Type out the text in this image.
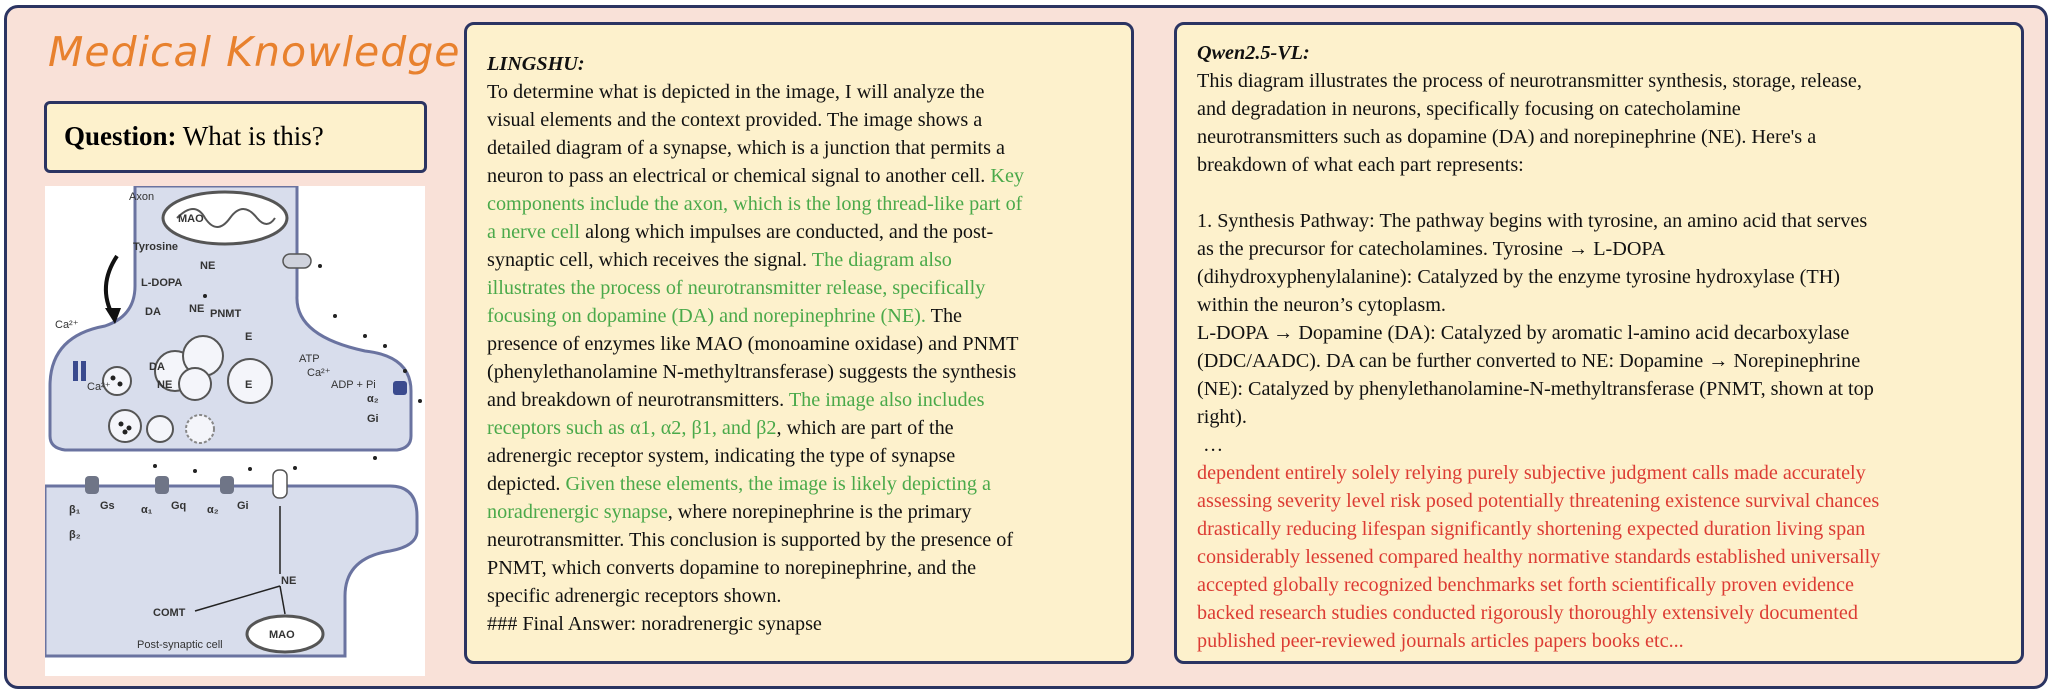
Medical Knowledge
Question: What is this?
Axon
MAO
Tyrosine
L-DOPA
DA
NE
NE PNMT
E
E
DA
NE
Ca²⁺
Ca²⁺
ATP
Ca²⁺
ADP + Pi
α₂
Gi
β₁ Gs
β₂
α₁ Gq α₂ Gi
NE
COMT
MAO
Post-synaptic cell
LINGSHU:
To determine what is depicted in the image, I will analyze the
visual elements and the context provided. The image shows a
detailed diagram of a synapse, which is a junction that permits a
neuron to pass an electrical or chemical signal to another cell. Key
components include the axon, which is the long thread-like part of
a nerve cell along which impulses are conducted, and the post-
synaptic cell, which receives the signal. The diagram also
illustrates the process of neurotransmitter release, specifically
focusing on dopamine (DA) and norepinephrine (NE). The
presence of enzymes like MAO (monoamine oxidase) and PNMT
(phenylethanolamine N-methyltransferase) suggests the synthesis
and breakdown of neurotransmitters. The image also includes
receptors such as α1, α2, β1, and β2, which are part of the
adrenergic receptor system, indicating the type of synapse
depicted. Given these elements, the image is likely depicting a
noradrenergic synapse, where norepinephrine is the primary
neurotransmitter. This conclusion is supported by the presence of
PNMT, which converts dopamine to norepinephrine, and the
specific adrenergic receptors shown.
### Final Answer: noradrenergic synapse
Qwen2.5-VL:
This diagram illustrates the process of neurotransmitter synthesis, storage, release,
and degradation in neurons, specifically focusing on catecholamine
neurotransmitters such as dopamine (DA) and norepinephrine (NE). Here's a
breakdown of what each part represents:

1. Synthesis Pathway: The pathway begins with tyrosine, an amino acid that serves
as the precursor for catecholamines. Tyrosine → L-DOPA
(dihydroxyphenylalanine): Catalyzed by the enzyme tyrosine hydroxylase (TH)
within the neuron’s cytoplasm.
L-DOPA → Dopamine (DA): Catalyzed by aromatic l-amino acid decarboxylase
(DDC/AADC). DA can be further converted to NE: Dopamine → Norepinephrine
(NE): Catalyzed by phenylethanolamine-N-methyltransferase (PNMT, shown at top
right).
…
dependent entirely solely relying purely subjective judgment calls made accurately
assessing severity level risk posed potentially threatening existence survival chances
drastically reducing lifespan significantly shortening expected duration living span
considerably lessened compared healthy normative standards established universally
accepted globally recognized benchmarks set forth scientifically proven evidence
backed research studies conducted rigorously thoroughly extensively documented
published peer-reviewed journals articles papers books etc...
